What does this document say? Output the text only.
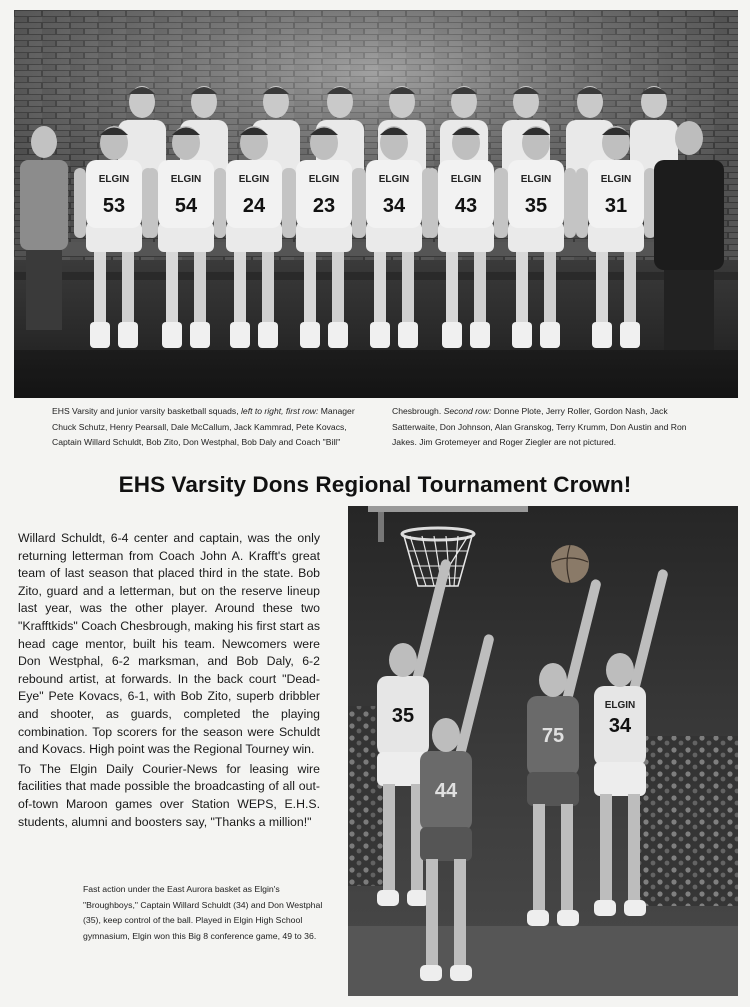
ELGIN
53
ELGIN
54
ELGIN
24
ELGIN
23
ELGIN
34
ELGIN
43
ELGIN
35
ELGIN
31
EHS Varsity and junior varsity basketball squads, left to right, first row: Manager Chuck Schutz, Henry Pearsall, Dale McCallum, Jack Kammrad, Pete Kovacs, Captain Willard Schuldt, Bob Zito, Don Westphal, Bob Daly and Coach "Bill" Chesbrough. Second row: Donne Plote, Jerry Roller, Gordon Nash, Jack Satterwaite, Don Johnson, Alan Granskog, Terry Krumm, Don Austin and Ron Jakes. Jim Grotemeyer and Roger Ziegler are not pictured.
EHS Varsity Dons Regional Tournament Crown!

Willard Schuldt, 6-4 center and captain, was the only returning letterman from Coach John A. Krafft's great team of last season that placed third in the state. Bob Zito, guard and a letterman, but on the reserve lineup last year, was the other player. Around these two "Krafftkids" Coach Chesbrough, making his first start as head cage mentor, built his team. Newcomers were Don Westphal, 6-2 marksman, and Bob Daly, 6-2 rebound artist, at forwards. In the back court "Dead-Eye" Pete Kovacs, 6-1, with Bob Zito, superb dribbler and shooter, as guards, completed the playing combination. Top scorers for the season were Schuldt and Kovacs. High point was the Regional Tourney win.

To The Elgin Daily Courier-News for leasing wire facilities that made possible the broadcasting of all out-of-town Maroon games over Station WEPS, E.H.S. students, alumni and boosters say, "Thanks a million!"

35
44
75
ELGIN
34
Fast action under the East Aurora basket as Elgin's "Broughboys," Captain Willard Schuldt (34) and Don Westphal (35), keep control of the ball. Played in Elgin High School gymnasium, Elgin won this Big 8 conference game, 49 to 36.
